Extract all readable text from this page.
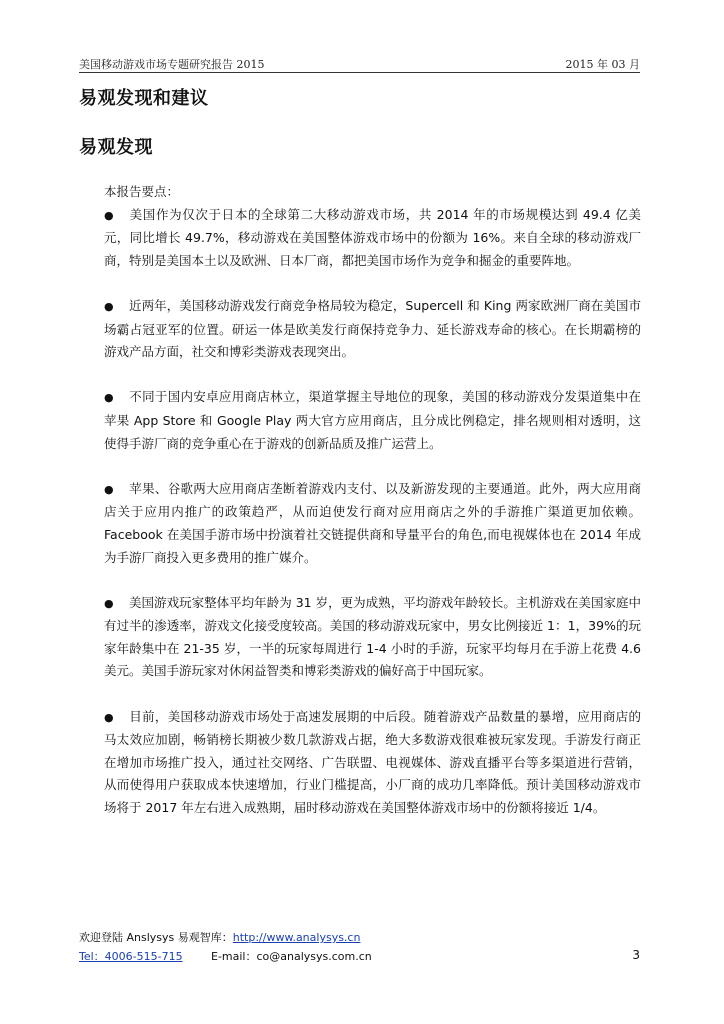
美国移动游戏市场专题研究报告 2015	2015 年 03 月
易观发现和建议
易观发现

本报告要点：

● 美国作为仅次于日本的全球第二大移动游戏市场，共 2014 年的市场规模达到 49.4 亿美元，同比增长 49.7%，移动游戏在美国整体游戏市场中的份额为 16%。来自全球的移动游戏厂商，特别是美国本土以及欧洲、日本厂商，都把美国市场作为竞争和掘金的重要阵地。

● 近两年，美国移动游戏发行商竞争格局较为稳定，Supercell 和 King 两家欧洲厂商在美国市场霸占冠亚军的位置。研运一体是欧美发行商保持竞争力、延长游戏寿命的核心。在长期霸榜的游戏产品方面，社交和博彩类游戏表现突出。

● 不同于国内安卓应用商店林立，渠道掌握主导地位的现象，美国的移动游戏分发渠道集中在苹果 App Store 和 Google Play 两大官方应用商店，且分成比例稳定，排名规则相对透明，这使得手游厂商的竞争重心在于游戏的创新品质及推广运营上。

● 苹果、谷歌两大应用商店垄断着游戏内支付、以及新游发现的主要通道。此外，两大应用商店关于应用内推广的政策趋严，从而迫使发行商对应用商店之外的手游推广渠道更加依赖。Facebook 在美国手游市场中扮演着社交链提供商和导量平台的角色,而电视媒体也在 2014 年成为手游厂商投入更多费用的推广媒介。

● 美国游戏玩家整体平均年龄为 31 岁，更为成熟，平均游戏年龄较长。主机游戏在美国家庭中有过半的渗透率，游戏文化接受度较高。美国的移动游戏玩家中，男女比例接近 1：1，39%的玩家年龄集中在 21-35 岁，一半的玩家每周进行 1-4 小时的手游，玩家平均每月在手游上花费 4.6 美元。美国手游玩家对休闲益智类和博彩类游戏的偏好高于中国玩家。

● 目前，美国移动游戏市场处于高速发展期的中后段。随着游戏产品数量的暴增，应用商店的马太效应加剧，畅销榜长期被少数几款游戏占据，绝大多数游戏很难被玩家发现。手游发行商正在增加市场推广投入，通过社交网络、广告联盟、电视媒体、游戏直播平台等多渠道进行营销，从而使得用户获取成本快速增加，行业门槛提高，小厂商的成功几率降低。预计美国移动游戏市场将于 2017 年左右进入成熟期，届时移动游戏在美国整体游戏市场中的份额将接近 1/4。

欢迎登陆 Anslysys 易观智库：http://www.analysys.cn
Tel：4006-515-715	E-mail：co@analysys.com.cn	3
